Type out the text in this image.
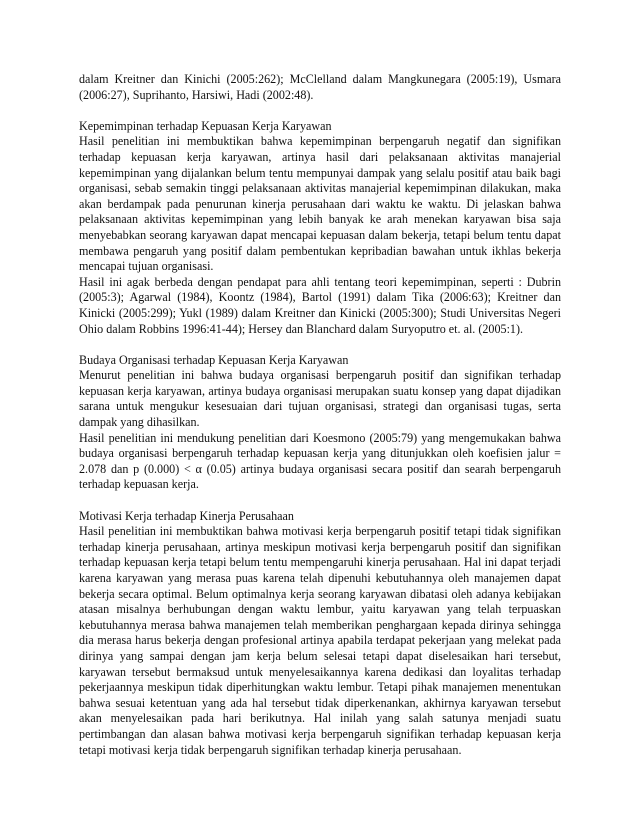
dalam Kreitner dan Kinichi (2005:262); McClelland dalam Mangkunegara (2005:19), Usmara (2006:27), Suprihanto, Harsiwi, Hadi (2002:48).

Kepemimpinan terhadap Kepuasan Kerja Karyawan

Hasil penelitian ini membuktikan bahwa kepemimpinan berpengaruh negatif dan signifikan terhadap kepuasan kerja karyawan, artinya hasil dari pelaksanaan aktivitas manajerial kepemimpinan yang dijalankan belum tentu mempunyai dampak yang selalu positif atau baik bagi organisasi, sebab semakin tinggi pelaksanaan aktivitas manajerial kepemimpinan dilakukan, maka akan berdampak pada penurunan kinerja perusahaan dari waktu ke waktu. Di jelaskan bahwa pelaksanaan aktivitas kepemimpinan yang lebih banyak ke arah menekan karyawan bisa saja menyebabkan seorang karyawan dapat mencapai kepuasan dalam bekerja, tetapi belum tentu dapat membawa pengaruh yang positif dalam pembentukan kepribadian bawahan untuk ikhlas bekerja mencapai tujuan organisasi.

Hasil ini agak berbeda dengan pendapat para ahli tentang teori kepemimpinan, seperti : Dubrin (2005:3); Agarwal (1984), Koontz (1984), Bartol (1991) dalam Tika (2006:63); Kreitner dan Kinicki (2005:299); Yukl (1989) dalam Kreitner dan Kinicki (2005:300); Studi Universitas Negeri Ohio dalam Robbins 1996:41-44); Hersey dan Blanchard dalam Suryoputro et. al. (2005:1).

Budaya Organisasi terhadap Kepuasan Kerja Karyawan

Menurut penelitian ini bahwa budaya organisasi berpengaruh positif dan signifikan terhadap kepuasan kerja karyawan, artinya budaya organisasi merupakan suatu konsep yang dapat dijadikan sarana untuk mengukur kesesuaian dari tujuan organisasi, strategi dan organisasi tugas, serta dampak yang dihasilkan.

Hasil penelitian ini mendukung penelitian dari Koesmono (2005:79) yang mengemukakan bahwa budaya organisasi berpengaruh terhadap kepuasan kerja yang ditunjukkan oleh koefisien jalur = 2.078 dan p (0.000) < α (0.05) artinya budaya organisasi secara positif dan searah berpengaruh terhadap kepuasan kerja.

Motivasi Kerja terhadap Kinerja Perusahaan

Hasil penelitian ini membuktikan bahwa motivasi kerja berpengaruh positif tetapi tidak signifikan terhadap kinerja perusahaan, artinya meskipun motivasi kerja berpengaruh positif dan signifikan terhadap kepuasan kerja tetapi belum tentu mempengaruhi kinerja perusahaan. Hal ini dapat terjadi karena karyawan yang merasa puas karena telah dipenuhi kebutuhannya oleh manajemen dapat bekerja secara optimal. Belum optimalnya kerja seorang karyawan dibatasi oleh adanya kebijakan atasan misalnya berhubungan dengan waktu lembur, yaitu karyawan yang telah terpuaskan kebutuhannya merasa bahwa manajemen telah memberikan penghargaan kepada dirinya sehingga dia merasa harus bekerja dengan profesional artinya apabila terdapat pekerjaan yang melekat pada dirinya yang sampai dengan jam kerja belum selesai tetapi dapat diselesaikan hari tersebut, karyawan tersebut bermaksud untuk menyelesaikannya karena dedikasi dan loyalitas terhadap pekerjaannya meskipun tidak diperhitungkan waktu lembur. Tetapi pihak manajemen menentukan bahwa sesuai ketentuan yang ada hal tersebut tidak diperkenankan, akhirnya karyawan tersebut akan menyelesaikan pada hari berikutnya. Hal inilah yang salah satunya menjadi suatu pertimbangan dan alasan bahwa motivasi kerja berpengaruh signifikan terhadap kepuasan kerja tetapi motivasi kerja tidak berpengaruh signifikan terhadap kinerja perusahaan.
